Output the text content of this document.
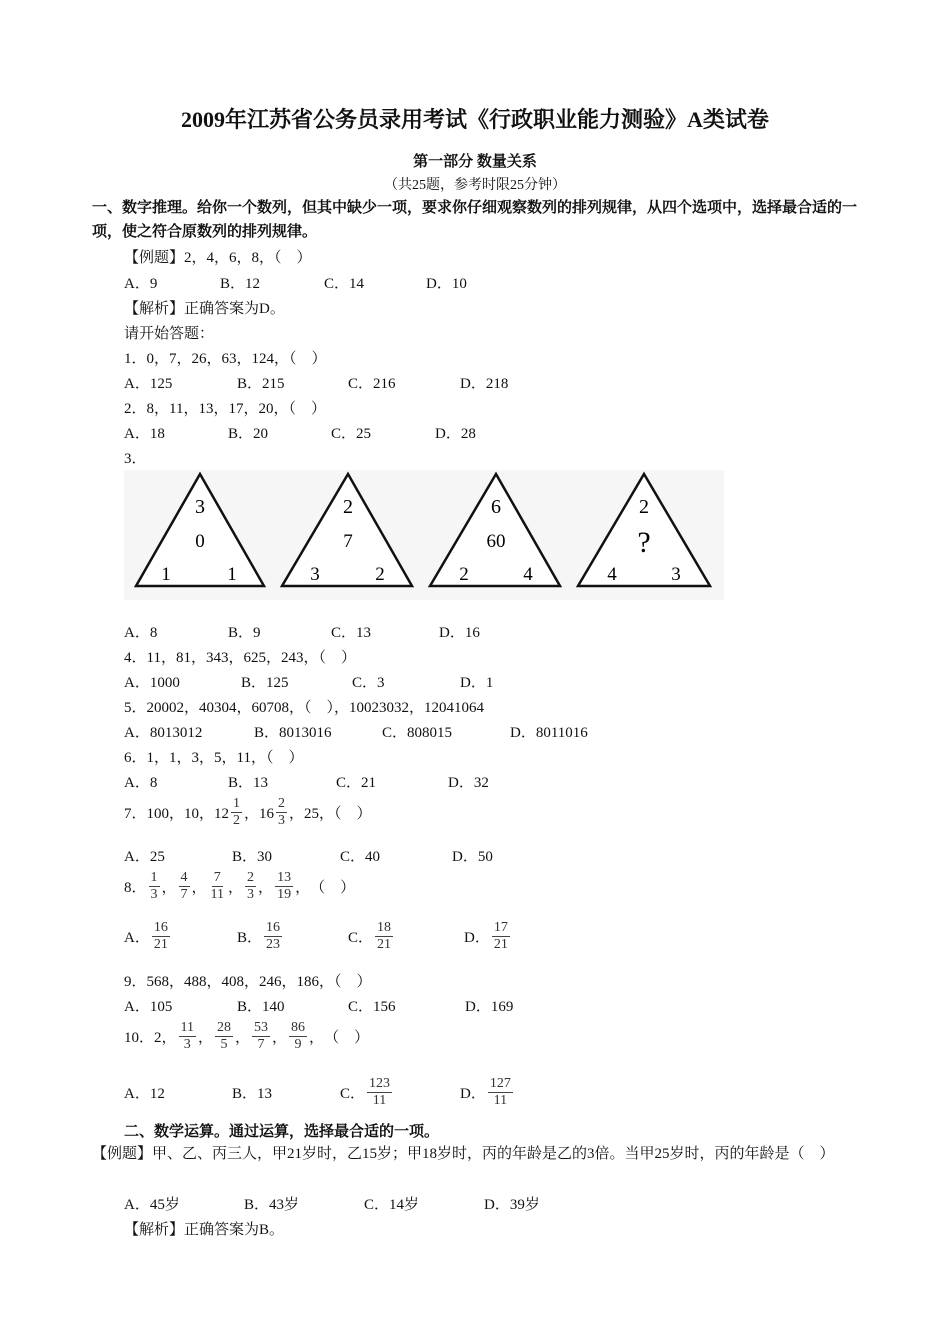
2009年江苏省公务员录用考试《行政职业能力测验》A类试卷
第一部分 数量关系
（共25题，参考时限25分钟）
一、数字推理。给你一个数列，但其中缺少一项，要求你仔细观察数列的排列规律，从四个选项中，选择最合适的一项，使之符合原数列的排列规律。
【例题】2，4，6，8，（　）
A．9	B．12	C．14	D．10
【解析】正确答案为D。
请开始答题：
1．0，7，26，63，124，（　）
A．125	B．215	C．216	D．218
2．8，11，13，17，20，（　）
A．18	B．20	C．25	D．28
3．
3
0
1	1
2
7
3	2
6
60
2	4
2
?
4	3
A．8	B．9	C．13	D．16
4．11，81，343，625，243，（　）
A．1000	B．125	C．3	D．1
5．20002，40304，60708，（　），10023032，12041064
A．8013012	B．8013016	C．808015	D．8011016
6．1，1，3，5，11，（　）
A．8	B．13	C．21	D．32
7．100，10，$12 \frac{1}{2}$ ，$16 \frac{2}{3}$ ，25，（　）
A．25	B．30	C．40	D．50
8． $\frac{1}{3}$ ， $\frac{4}{7}$ ， $\frac{7}{11}$ ， $\frac{2}{3}$ ， $\frac{13}{19}$ ， （　）
A． $\frac{16}{21}$	B． $\frac{16}{23}$	C． $\frac{18}{21}$	D． $\frac{17}{21}$
9．568，488，408，246，186，（　）
A．105	B．140	C．156	D．169
10．2， $\frac{11}{3}$ ， $\frac{28}{5}$ ， $\frac{53}{7}$ ， $\frac{86}{9}$ ， （　）
A．12	B．13	C． $\frac{123}{11}$	D． $\frac{127}{11}$
二、数学运算。通过运算，选择最合适的一项。
【例题】甲、乙、丙三人，甲21岁时，乙15岁；甲18岁时，丙的年龄是乙的3倍。当甲25岁时，丙的年龄是（　）
A．45岁	B．43岁	C．14岁	D．39岁
【解析】正确答案为B。
